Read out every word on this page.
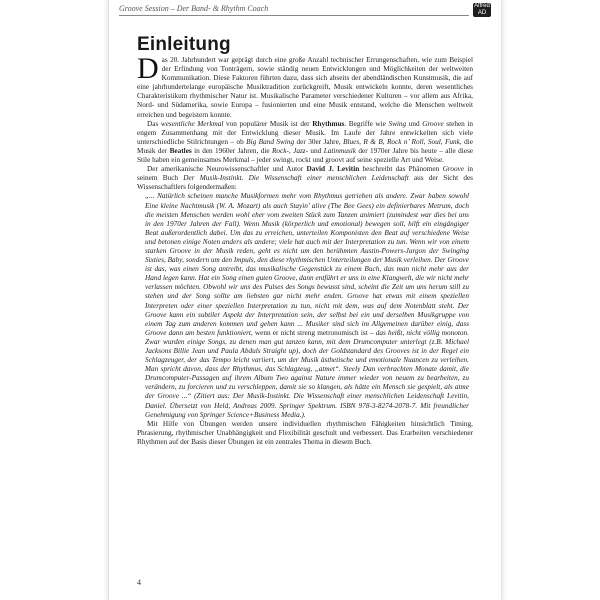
Groove Session – Der Band- & Rhythm Coach	Alfred
AD
Einleitung

Das 20. Jahrhundert war geprägt durch eine große Anzahl technischer Errungenschaften, wie zum Beispiel der Erfindung von Tonträgern, sowie ständig neuen Entwicklungen und Möglichkeiten der weltweiten Kommunikation. Diese Faktoren führten dazu, dass sich abseits der abendländischen Kunstmusik, die auf eine jahrhundertelange europäische Musiktradition zurückgreift, Musik entwickeln konnte, deren wesentliches Charakteristikum rhythmischer Natur ist. Musikalische Parameter verschiedener Kulturen – vor allem aus Afrika, Nord- und Südamerika, sowie Europa – fusionierten und eine Musik entstand, welche die Menschen weltweit erreichen und begeistern konnte.

Das wesentliche Merkmal von populärer Musik ist der Rhythmus. Begriffe wie Swing und Groove stehen in engem Zusammenhang mit der Entwicklung dieser Musik. Im Laufe der Jahre entwickelten sich viele unterschiedliche Stilrichtungen – ob Big Band Swing der 30er Jahre, Blues, R & B, Rock n’ Roll, Soul, Funk, die Musik der Beatles in den 1960er Jahren, die Rock-, Jazz- und Latinmusik der 1970er Jahre bis heute – alle diese Stile haben ein gemeinsames Merkmal – jeder swingt, rockt und groovt auf seine spezielle Art und Weise.

Der amerikanische Neurowissenschaftler und Autor David J. Levitin beschreibt das Phänomen Groove in seinem Buch Der Musik-Instinkt. Die Wissenschaft einer menschlichen Leidenschaft aus der Sicht des Wissenschaftlers folgendermaßen:

„... Natürlich scheinen manche Musikformen mehr vom Rhythmus getrieben als andere. Zwar haben sowohl Eine kleine Nachtmusik (W. A. Mozart) als auch Stayin’ alive (The Bee Gees) ein definierbares Metrum, doch die meisten Menschen werden wohl eher vom zweiten Stück zum Tanzen animiert (zumindest war dies bei uns in den 1970er Jahren der Fall). Wenn Musik (körperlich und emotional) bewegen soll, hilft ein eingängiger Beat außerordentlich dabei. Um das zu erreichen, unterteilen Komponisten den Beat auf verschiedene Weise und betonen einige Noten anders als andere; viele hat auch mit der Interpretation zu tun. Wenn wir von einem starken Groove in der Musik reden, geht es nicht um den berühmten Austin-Powers-Jargon der Swinging Sixties, Baby, sondern um den Impuls, den diese rhythmischen Unterteilungen der Musik verleihen. Der Groove ist das, was einen Song antreibt, das musikalische Gegenstück zu einem Buch, das man nicht mehr aus der Hand legen kann. Hat ein Song einen guten Groove, dann entführt er uns in eine Klangwelt, die wir nicht mehr verlassen möchten. Obwohl wir uns des Pulses des Songs bewusst sind, scheint die Zeit um uns herum still zu stehen und der Song sollte am liebsten gar nicht mehr enden. Groove hat etwas mit einem speziellen Interpreten oder einer speziellen Interpretation zu tun, nicht mit dem, was auf dem Notenblatt steht. Der Groove kann ein subtiler Aspekt der Interpretation sein, der selbst bei ein und derselben Musikgruppe von einem Tag zum anderen kommen und gehen kann ... Musiker sind sich im Allgemeinen darüber einig, dass Groove dann am besten funktioniert, wenn er nicht streng metronomisch ist – das heißt, nicht völlig monoton. Zwar wurden einige Songs, zu denen man gut tanzen kann, mit dem Drumcomputer unterlegt (z.B. Michael Jacksons Billie Jean und Paula Abduls Straight up), doch der Goldstandard des Grooves ist in der Regel ein Schlagzeuger, der das Tempo leicht variiert, um der Musik ästhetische und emotionale Nuancen zu verleihen. Man spricht davon, dass der Rhythmus, das Schlagzeug, „atmet“. Steely Dan verbrachten Monate damit, die Drumcomputer-Passagen auf ihrem Album Two against Nature immer wieder von neuem zu bearbeiten, zu verändern, zu forcieren und zu verschleppen, damit sie so klangen, als hätte ein Mensch sie gespielt, als atme der Groove ...“ (Zitiert aus: Der Musik-Instinkt. Die Wissenschaft einer menschlichen Leidenschaft Levitin, Daniel. Übersetzt von Held, Andreas 2009. Springer Spektrum. ISBN 978-3-8274-2078-7. Mit freundlicher Genehmigung von Springer Science+Business Media.).

Mit Hilfe von Übungen werden unsere individuellen rhythmischen Fähigkeiten hinsichtlich Timing, Phrasierung, rhythmischer Unabhängigkeit und Flexibilität geschult und verbessert. Das Erarbeiten verschiedener Rhythmen auf der Basis dieser Übungen ist ein zentrales Thema in diesem Buch.

4
